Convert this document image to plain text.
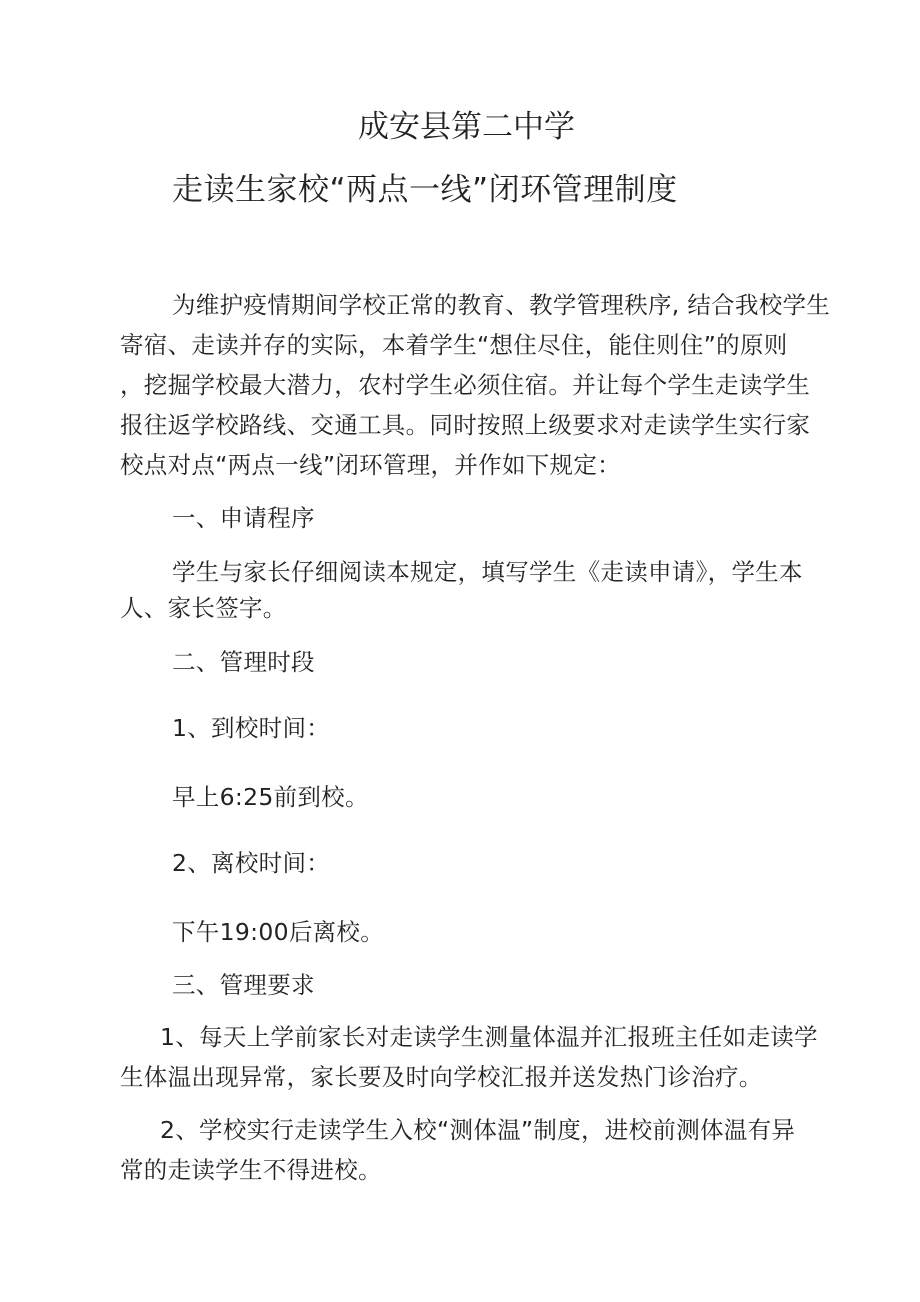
成安县第二中学
走读生家校“两点一线”闭环管理制度
为维护疫情期间学校正常的教育、教学管理秩序, 结合我校学生
寄宿、走读并存的实际，本着学生“想住尽住，能住则住”的原则
，挖掘学校最大潜力，农村学生必须住宿。并让每个学生走读学生
报往返学校路线、交通工具。同时按照上级要求对走读学生实行家
校点对点“两点一线”闭环管理，并作如下规定：
一、申请程序
学生与家长仔细阅读本规定，填写学生《走读申请》，学生本
人、家长签字。
二、管理时段
1、到校时间：
早上6:25前到校。
2、离校时间：
下午19:00后离校。
三、管理要求
1、每天上学前家长对走读学生测量体温并汇报班主任如走读学
生体温出现异常，家长要及时向学校汇报并送发热门诊治疗。
2、学校实行走读学生入校“测体温”制度，进校前测体温有异
常的走读学生不得进校。
